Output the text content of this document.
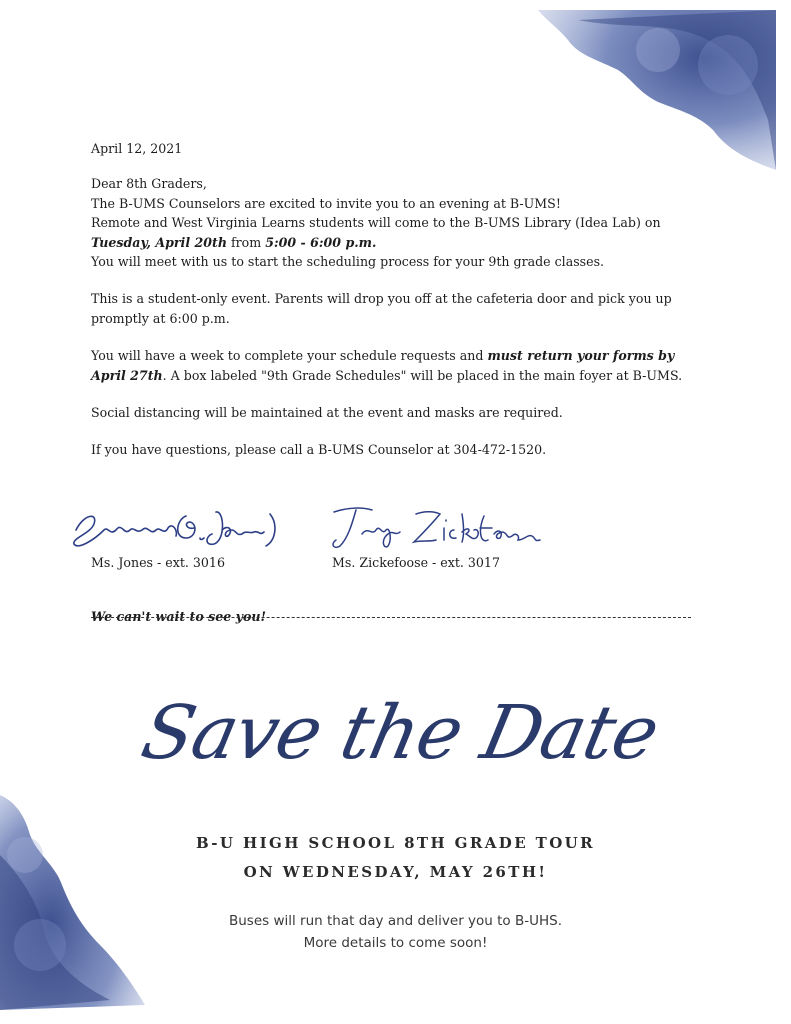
April 12, 2021

Dear 8th Graders,

The B-UMS Counselors are excited to invite you to an evening at B-UMS!

Remote and West Virginia Learns students will come to the B-UMS Library (Idea Lab) on

Tuesday, April 20th from 5:00 - 6:00 p.m.

You will meet with us to start the scheduling process for your 9th grade classes.

This is a student-only event. Parents will drop you off at the cafeteria door and pick you up promptly at 6:00 p.m.

You will have a week to complete your schedule requests and must return your forms by April 27th. A box labeled "9th Grade Schedules" will be placed in the main foyer at B-UMS.

Social distancing will be maintained at the event and masks are required.

If you have questions, please call a B-UMS Counselor at 304-472-1520.

Ms. Jones - ext. 3016	Ms. Zickefoose - ext. 3017

We can't wait to see you!

Save the Date

B-U HIGH SCHOOL 8TH GRADE TOUR

ON WEDNESDAY, MAY 26TH!

Buses will run that day and deliver you to B-UHS.

More details to come soon!
